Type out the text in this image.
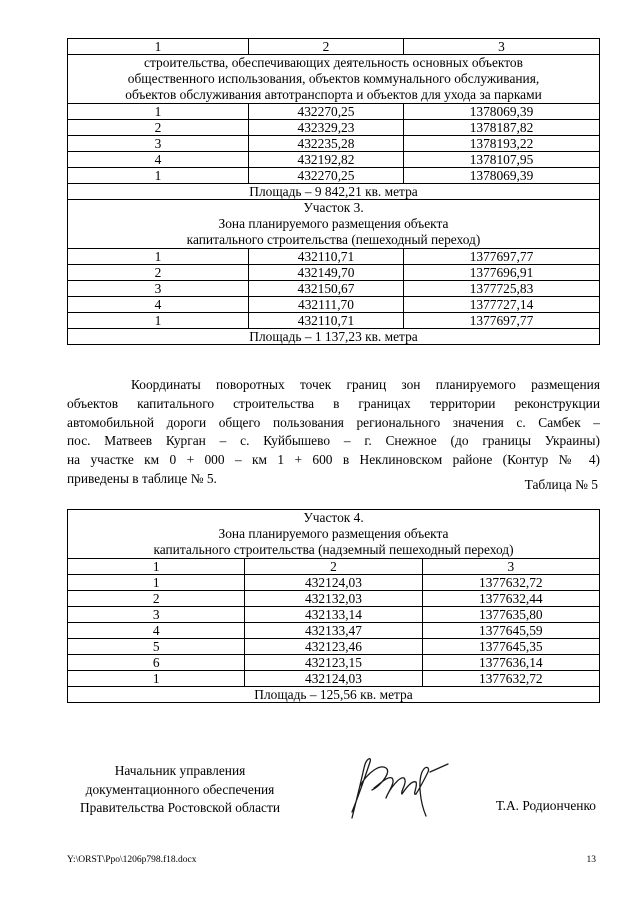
1	2	3

строительства, обеспечивающих деятельность основных объектов
общественного использования, объектов коммунального обслуживания,
объектов обслуживания автотранспорта и объектов для ухода за парками		

1	432270,25	1378069,39
2	432329,23	1378187,82
3	432235,28	1378193,22
4	432192,82	1378107,95
1	432270,25	1378069,39
Площадь – 9 842,21 кв. метра		

Участок 3.
Зона планируемого размещения объекта
капитального строительства (пешеходный переход)		

1	432110,71	1377697,77
2	432149,70	1377696,91
3	432150,67	1377725,83
4	432111,70	1377727,14
1	432110,71	1377697,77
Площадь – 1 137,23 кв. метра		

Координаты поворотных точек границ зон планируемого размещения
объектов капитального строительства в границах территории реконструкции
автомобильной дороги общего пользования регионального значения с. Самбек –
пос. Матвеев Курган – с. Куйбышево – г. Снежное (до границы Украины)
на участке км 0 + 000 – км 1 + 600 в Неклиновском районе (Контур № 4)
приведены в таблице № 5.	Таблица № 5
Участок 4.
Зона планируемого размещения объекта
капитального строительства (надземный пешеходный переход)		

1	2	3
1	432124,03	1377632,72
2	432132,03	1377632,44
3	432133,14	1377635,80
4	432133,47	1377645,59
5	432123,46	1377645,35
6	432123,15	1377636,14
1	432124,03	1377632,72
Площадь – 125,56 кв. метра		
Начальник управления
документационного обеспечения
Правительства Ростовской области	Т.А. Родионченко
Y:\ORST\Ppo\1206p798.f18.docx	13
